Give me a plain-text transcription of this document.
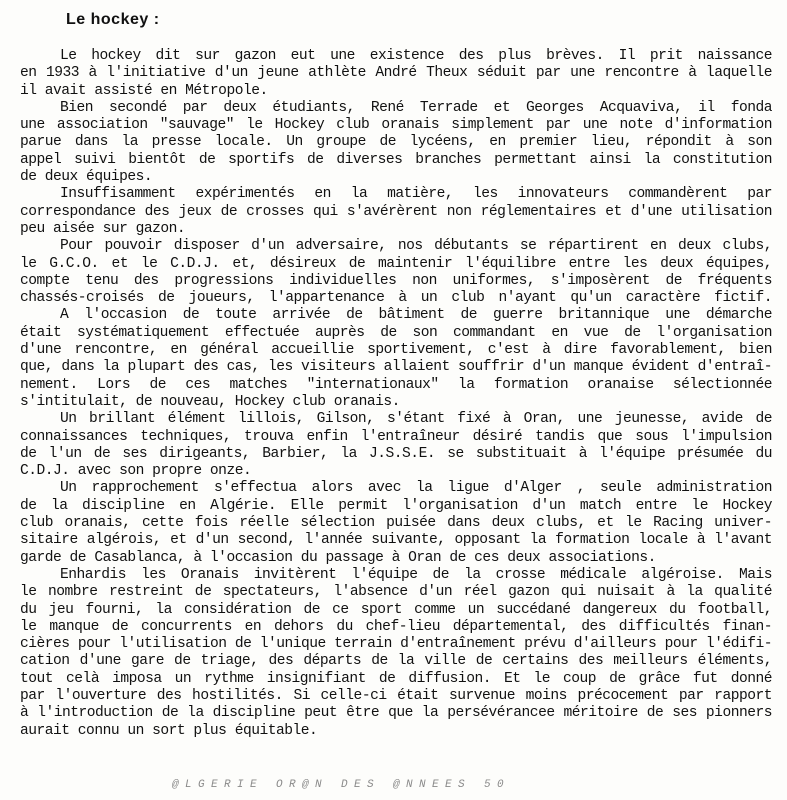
Le hockey :
Le hockey dit sur gazon eut une existence des plus brèves. Il prit naissance
en 1933 à l'initiative d'un jeune athlète André Theux séduit par une rencontre à laquelle
il avait assisté en Métropole.
Bien secondé par deux étudiants, René Terrade et Georges Acquaviva, il fonda
une association "sauvage" le Hockey club oranais simplement par une note d'information
parue dans la presse locale. Un groupe de lycéens, en premier lieu, répondit à son
appel suivi bientôt de sportifs de diverses branches permettant ainsi la constitution
de deux équipes.
Insuffisamment expérimentés en la matière, les innovateurs commandèrent par
correspondance des jeux de crosses qui s'avérèrent non réglementaires et d'une utilisation
peu aisée sur gazon.
Pour pouvoir disposer d'un adversaire, nos débutants se répartirent en deux clubs,
le G.C.O. et le C.D.J. et, désireux de maintenir l'équilibre entre les deux équipes,
compte tenu des progressions individuelles non uniformes, s'imposèrent de fréquents
chassés-croisés de joueurs, l'appartenance à un club n'ayant qu'un caractère fictif.
A l'occasion de toute arrivée de bâtiment de guerre britannique une démarche
était systématiquement effectuée auprès de son commandant en vue de l'organisation
d'une rencontre, en général accueillie sportivement, c'est à dire favorablement, bien
que, dans la plupart des cas, les visiteurs allaient souffrir d'un manque évident d'entraî-
nement. Lors de ces matches "internationaux" la formation oranaise sélectionnée
s'intitulait, de nouveau, Hockey club oranais.
Un brillant élément lillois, Gilson, s'étant fixé à Oran, une jeunesse, avide de
connaissances techniques, trouva enfin l'entraîneur désiré tandis que sous l'impulsion
de l'un de ses dirigeants, Barbier, la J.S.S.E. se substituait à l'équipe présumée du
C.D.J. avec son propre onze.
Un rapprochement s'effectua alors avec la ligue d'Alger , seule administration
de la discipline en Algérie. Elle permit l'organisation d'un match entre le Hockey
club oranais, cette fois réelle sélection puisée dans deux clubs, et le Racing univer-
sitaire algérois, et d'un second, l'année suivante, opposant la formation locale à l'avant
garde de Casablanca, à l'occasion du passage à Oran de ces deux associations.
Enhardis les Oranais invitèrent l'équipe de la crosse médicale algéroise. Mais
le nombre restreint de spectateurs, l'absence d'un réel gazon qui nuisait à la qualité
du jeu fourni, la considération de ce sport comme un succédané dangereux du football,
le manque de concurrents en dehors du chef-lieu départemental, des difficultés finan-
cières pour l'utilisation de l'unique terrain d'entraînement prévu d'ailleurs pour l'édifi-
cation d'une gare de triage, des départs de la ville de certains des meilleurs éléments,
tout celà imposa un rythme insignifiant de diffusion. Et le coup de grâce fut donné
par l'ouverture des hostilités. Si celle-ci était survenue moins précocement par rapport
à l'introduction de la discipline peut être que la persévérancee méritoire de ses pionners
aurait connu un sort plus équitable.
@LGERIE OR@N DES @NNEES 50
